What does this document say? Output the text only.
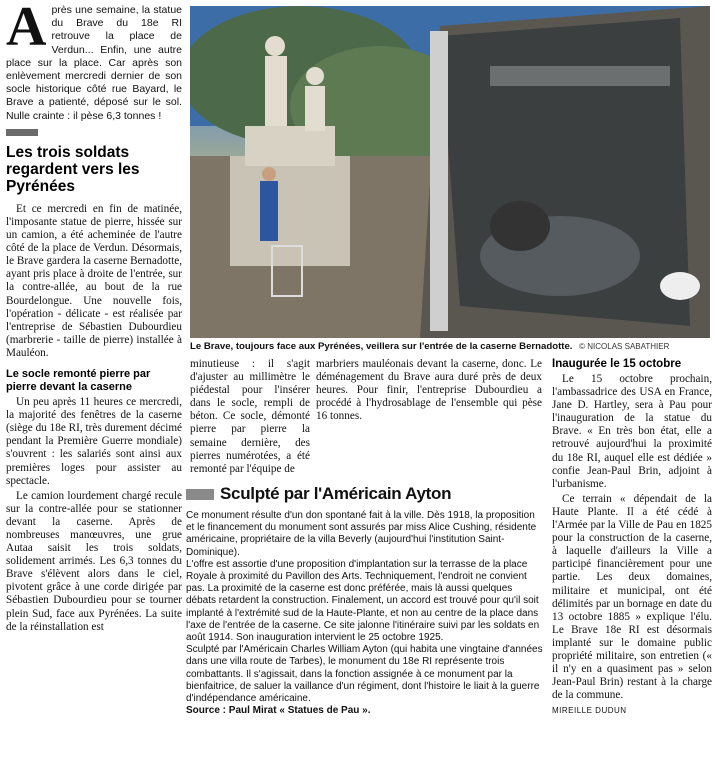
A près une semaine, la statue du Brave du 18e RI retrouve la place de Verdun... Enfin, une autre place sur la place. Car après son enlèvement mercredi dernier de son socle historique côté rue Bayard, le Brave a patienté, déposé sur le sol. Nulle crainte : il pèse 6,3 tonnes !
Les trois soldats regardent vers les Pyrénées

Et ce mercredi en fin de matinée, l'imposante statue de pierre, hissée sur un camion, a été acheminée de l'autre côté de la place de Verdun. Désormais, le Brave gardera la caserne Bernadotte, ayant pris place à droite de l'entrée, sur la contre-allée, au bout de la rue Bourdelongue. Une nouvelle fois, l'opération - délicate - est réalisée par l'entreprise de Sébastien Dubourdieu (marbrerie - taille de pierre) installée à Mauléon.

Le socle remonté pierre par pierre devant la caserne

Un peu après 11 heures ce mercredi, la majorité des fenêtres de la caserne (siège du 18e RI, très durement décimé pendant la Première Guerre mondiale) s'ouvrent : les salariés sont ainsi aux premières loges pour assister au spectacle.

Le camion lourdement chargé recule sur la contre-allée pour se stationner devant la caserne. Après de nombreuses manœuvres, une grue Autaa saisit les trois soldats, solidement arrimés. Les 6,3 tonnes du Brave s'élèvent alors dans le ciel, pivotent grâce à une corde dirigée par Sébastien Dubourdieu pour se tourner plein Sud, face aux Pyrénées. La suite de la réinstallation est

Le Brave, toujours face aux Pyrénées, veillera sur l'entrée de la caserne Bernadotte. © NICOLAS SABATHIER

minutieuse : il s'agit d'ajuster au millimètre le piédestal pour l'insérer dans le socle, rempli de béton. Ce socle, démonté pierre par pierre la semaine dernière, des pierres numérotées, a été remonté par l'équipe de

marbriers mauléonais devant la caserne, donc. Le déménagement du Brave aura duré près de deux heures. Pour finir, l'entreprise Dubourdieu a procédé à l'hydrosablage de l'ensemble qui pèse 16 tonnes.

Sculpté par l'Américain Ayton

Ce monument résulte d'un don spontané fait à la ville. Dès 1918, la proposition et le financement du monument sont assurés par miss Alice Cushing, résidente américaine, propriétaire de la villa Beverly (aujourd'hui l'institution Saint-Dominique).

L'offre est assortie d'une proposition d'implantation sur la terrasse de la place Royale à proximité du Pavillon des Arts. Techniquement, l'endroit ne convient pas. La proximité de la caserne est donc préférée, mais là aussi quelques débats retardent la construction. Finalement, un accord est trouvé pour qu'il soit implanté à l'extrémité sud de la Haute-Plante, et non au centre de la place dans l'axe de l'entrée de la caserne. Ce site jalonne l'itinéraire suivi par les soldats en août 1914. Son inauguration intervient le 25 octobre 1925.

Sculpté par l'Américain Charles William Ayton (qui habita une vingtaine d'années dans une villa route de Tarbes), le monument du 18e RI représente trois combattants. Il s'agissait, dans la fonction assignée à ce monument par la bienfaitrice, de saluer la vaillance d'un régiment, dont l'histoire le liait à la guerre d'indépendance américaine.

Source : Paul Mirat « Statues de Pau ».

Inaugurée le 15 octobre

Le 15 octobre prochain, l'ambassadrice des USA en France, Jane D. Hartley, sera à Pau pour l'inauguration de la statue du Brave. « En très bon état, elle a retrouvé aujourd'hui la proximité du 18e RI, auquel elle est dédiée » confie Jean-Paul Brin, adjoint à l'urbanisme.

Ce terrain « dépendait de la Haute Plante. Il a été cédé à l'Armée par la Ville de Pau en 1825 pour la construction de la caserne, à laquelle d'ailleurs la Ville a participé financièrement pour une partie. Les deux domaines, militaire et municipal, ont été délimités par un bornage en date du 13 octobre 1885 » explique l'élu. Le Brave 18e RI est désormais implanté sur le domaine public propriété militaire, son entretien (« il n'y en a quasiment pas » selon Jean-Paul Brin) restant à la charge de la commune.

MIREILLE DUDUN
